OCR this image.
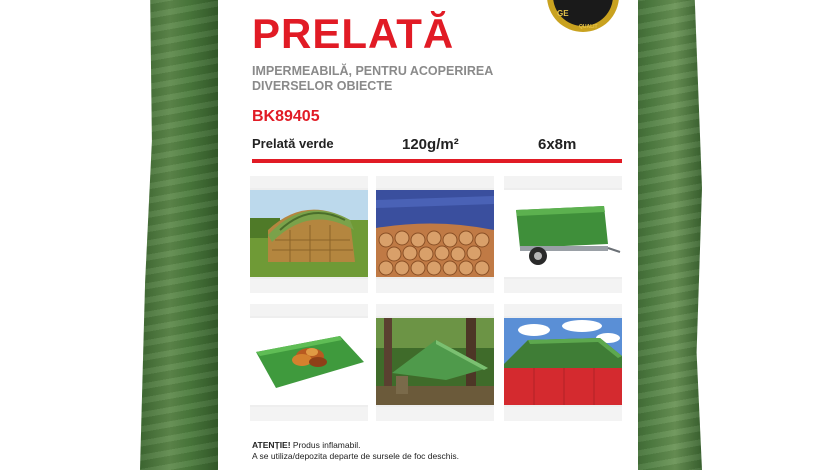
GE
QUALIT
PRELATĂ
IMPERMEABILĂ, PENTRU ACOPERIREA
DIVERSELOR OBIECTE
BK89405
Prelată verde	120g/m²	6x8m
ATENȚIE! Produs inflamabil.
A se utiliza/depozita departe de sursele de foc deschis.
